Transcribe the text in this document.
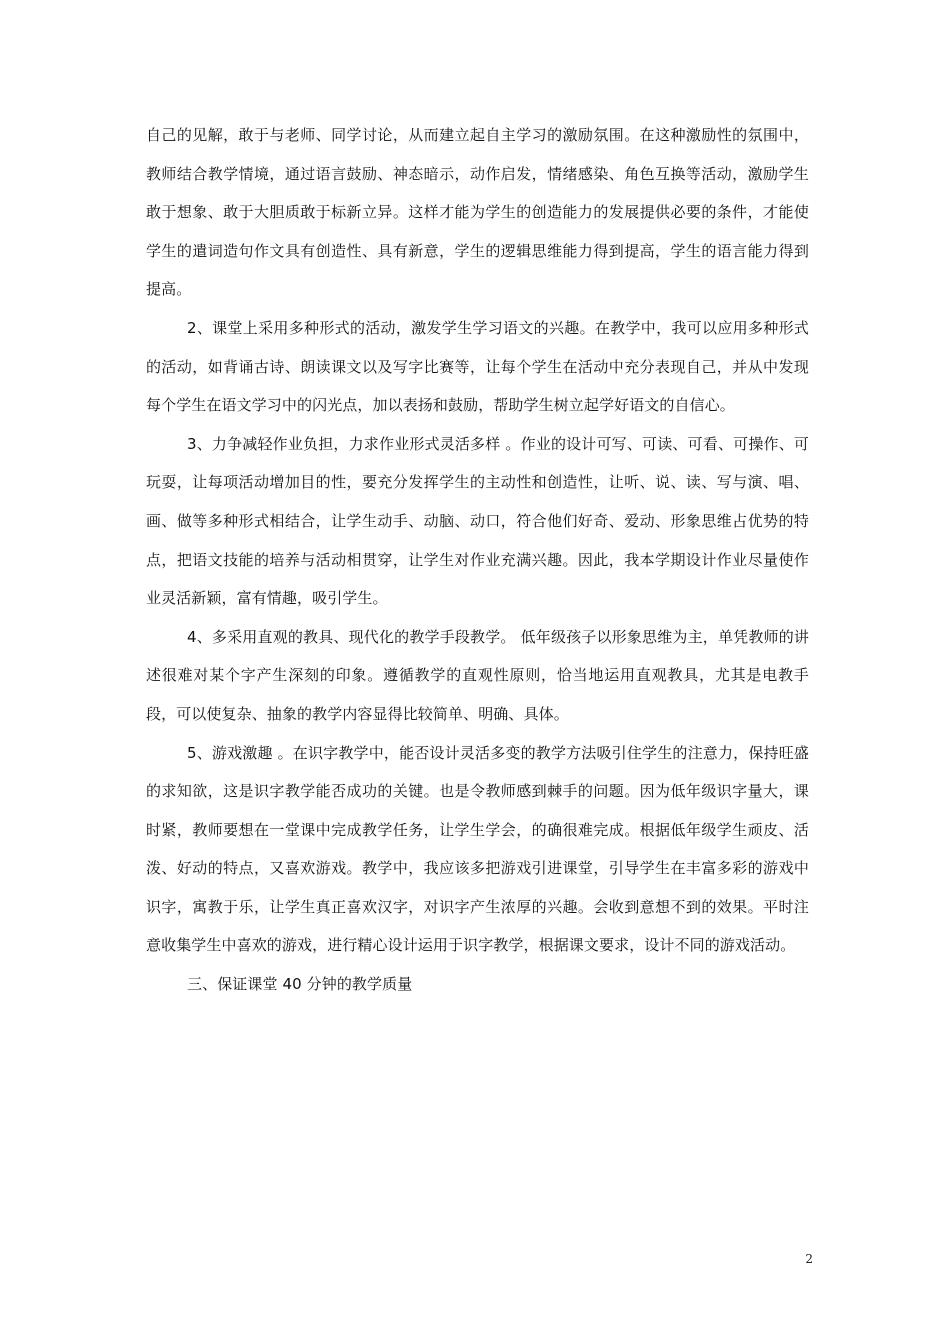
自己的见解，敢于与老师、同学讨论，从而建立起自主学习的激励氛围。在这种激励性的氛围中，教师结合教学情境，通过语言鼓励、神态暗示，动作启发，情绪感染、角色互换等活动，激励学生敢于想象、敢于大胆质敢于标新立异。这样才能为学生的创造能力的发展提供必要的条件，才能使学生的遣词造句作文具有创造性、具有新意，学生的逻辑思维能力得到提高，学生的语言能力得到提高。

2、课堂上采用多种形式的活动，激发学生学习语文的兴趣。在教学中，我可以应用多种形式的活动，如背诵古诗、朗读课文以及写字比赛等，让每个学生在活动中充分表现自己，并从中发现每个学生在语文学习中的闪光点，加以表扬和鼓励，帮助学生树立起学好语文的自信心。

3、力争减轻作业负担，力求作业形式灵活多样 。作业的设计可写、可读、可看、可操作、可玩耍，让每项活动增加目的性，要充分发挥学生的主动性和创造性，让听、说、读、写与演、唱、画、做等多种形式相结合，让学生动手、动脑、动口，符合他们好奇、爱动、形象思维占优势的特点，把语文技能的培养与活动相贯穿，让学生对作业充满兴趣。因此，我本学期设计作业尽量使作业灵活新颖，富有情趣，吸引学生。

4、多采用直观的教具、现代化的教学手段教学。 低年级孩子以形象思维为主，单凭教师的讲述很难对某个字产生深刻的印象。遵循教学的直观性原则，恰当地运用直观教具，尤其是电教手段，可以使复杂、抽象的教学内容显得比较简单、明确、具体。

5、游戏激趣 。在识字教学中，能否设计灵活多变的教学方法吸引住学生的注意力，保持旺盛的求知欲，这是识字教学能否成功的关键。也是令教师感到棘手的问题。因为低年级识字量大，课时紧，教师要想在一堂课中完成教学任务，让学生学会，的确很难完成。根据低年级学生顽皮、活泼、好动的特点，又喜欢游戏。教学中，我应该多把游戏引进课堂，引导学生在丰富多彩的游戏中识字，寓教于乐，让学生真正喜欢汉字，对识字产生浓厚的兴趣。会收到意想不到的效果。平时注意收集学生中喜欢的游戏，进行精心设计运用于识字教学，根据课文要求，设计不同的游戏活动。

三、保证课堂 40 分钟的教学质量

2
